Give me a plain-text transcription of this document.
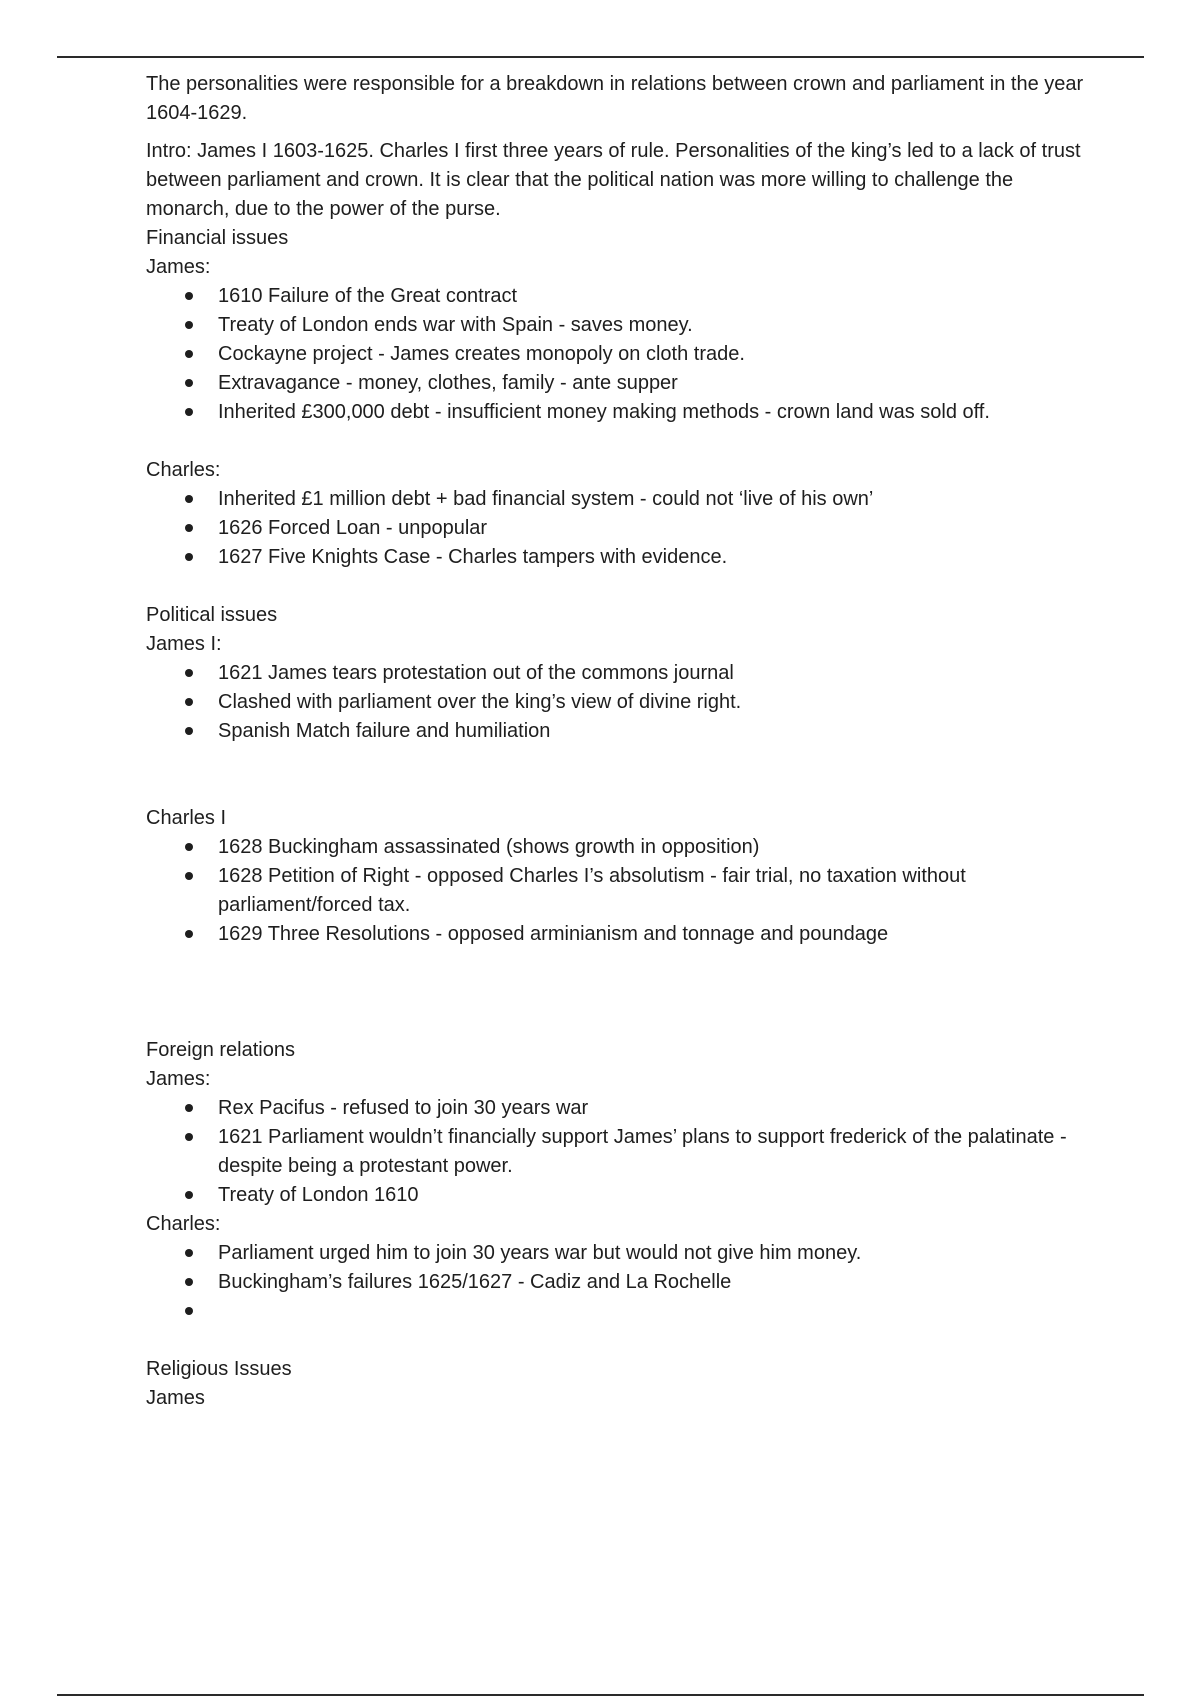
The personalities were responsible for a breakdown in relations between crown and parliament in the year 1604-1629.

Intro: James I 1603-1625. Charles I first three years of rule. Personalities of the king’s led to a lack of trust between parliament and crown. It is clear that the political nation was more willing to challenge the monarch, due to the power of the purse.

Financial issues
James:
1610 Failure of the Great contract
Treaty of London ends war with Spain - saves money.
Cockayne project - James creates monopoly on cloth trade.
Extravagance - money, clothes, family - ante supper
Inherited £300,000 debt - insufficient money making methods - crown land was sold off.
Charles:
Inherited £1 million debt + bad financial system - could not ‘live of his own’
1626 Forced Loan - unpopular
1627 Five Knights Case - Charles tampers with evidence.
Political issues
James I:
1621 James tears protestation out of the commons journal
Clashed with parliament over the king’s view of divine right.
Spanish Match failure and humiliation
Charles I
1628 Buckingham assassinated (shows growth in opposition)
1628 Petition of Right - opposed Charles I’s absolutism - fair trial, no taxation without parliament/forced tax.
1629 Three Resolutions - opposed arminianism and tonnage and poundage
Foreign relations
James:
Rex Pacifus - refused to join 30 years war
1621 Parliament wouldn’t financially support James’ plans to support frederick of the palatinate - despite being a protestant power.
Treaty of London 1610
Charles:
Parliament urged him to join 30 years war but would not give him money.
Buckingham’s failures 1625/1627 - Cadiz and La Rochelle
Religious Issues
James
